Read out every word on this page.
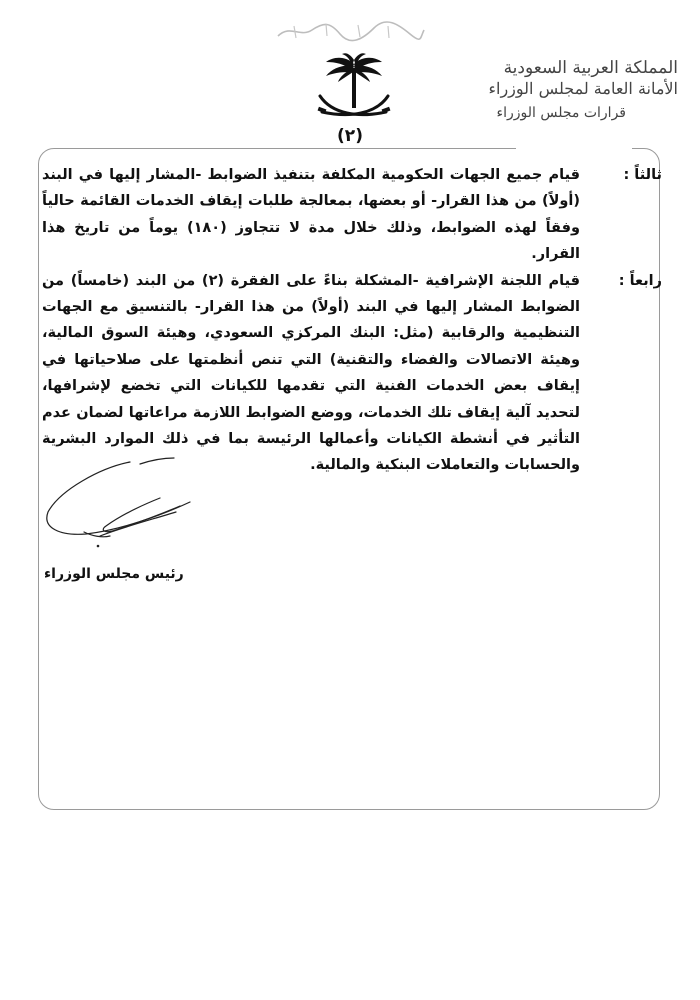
المملكة العربية السعودية
الأمانة العامة لمجلس الوزراء
قرارات مجلس الوزراء
(٢)

ثالثاً :قيام جميع الجهات الحكومية المكلفة بتنفيذ الضوابط -المشار إليها في البند (أولاً) من هذا القرار- أو بعضها، بمعالجة طلبات إيقاف الخدمات القائمة حالياً وفقاً لهذه الضوابط، وذلك خلال مدة لا تتجاوز (١٨٠) يوماً من تاريخ هذا القرار.

رابعاً :قيام اللجنة الإشرافية -المشكلة بناءً على الفقرة (٢) من البند (خامساً) من الضوابط المشار إليها في البند (أولاً) من هذا القرار- بالتنسيق مع الجهات التنظيمية والرقابية (مثل: البنك المركزي السعودي، وهيئة السوق المالية، وهيئة الاتصالات والفضاء والتقنية) التي تنص أنظمتها على صلاحياتها في إيقاف بعض الخدمات الفنية التي تقدمها للكيانات التي تخضع لإشرافها، لتحديد آلية إيقاف تلك الخدمات، ووضع الضوابط اللازمة مراعاتها لضمان عدم التأثير في أنشطة الكيانات وأعمالها الرئيسة بما في ذلك الموارد البشرية والحسابات والتعاملات البنكية والمالية.

رئيس مجلس الوزراء
